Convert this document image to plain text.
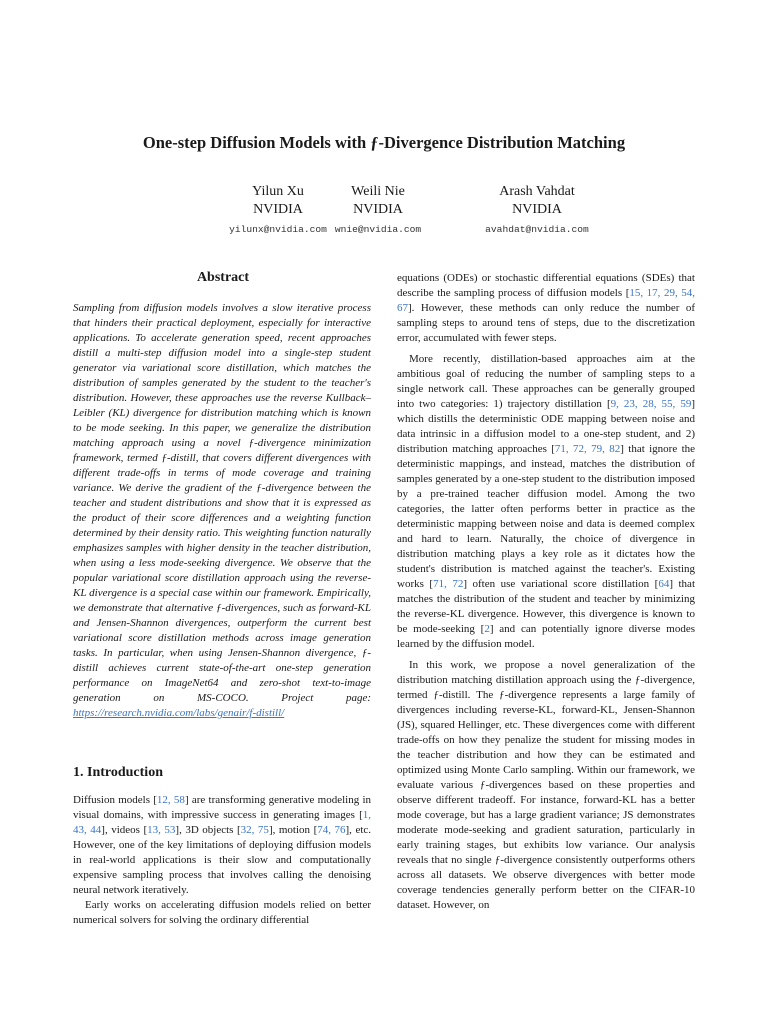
One-step Diffusion Models with ƒ-Divergence Distribution Matching
Yilun Xu
NVIDIA
yilunx@nvidia.com
Weili Nie
NVIDIA
wnie@nvidia.com
Arash Vahdat
NVIDIA
avahdat@nvidia.com
Abstract
Sampling from diffusion models involves a slow iterative process that hinders their practical deployment, especially for interactive applications. To accelerate generation speed, recent approaches distill a multi-step diffusion model into a single-step student generator via variational score distillation, which matches the distribution of samples generated by the student to the teacher's distribution. However, these approaches use the reverse Kullback–Leibler (KL) divergence for distribution matching which is known to be mode seeking. In this paper, we generalize the distribution matching approach using a novel ƒ-divergence minimization framework, termed ƒ-distill, that covers different divergences with different trade-offs in terms of mode coverage and training variance. We derive the gradient of the ƒ-divergence between the teacher and student distributions and show that it is expressed as the product of their score differences and a weighting function determined by their density ratio. This weighting function naturally emphasizes samples with higher density in the teacher distribution, when using a less mode-seeking divergence. We observe that the popular variational score distillation approach using the reverse-KL divergence is a special case within our framework. Empirically, we demonstrate that alternative ƒ-divergences, such as forward-KL and Jensen-Shannon divergences, outperform the current best variational score distillation methods across image generation tasks. In particular, when using Jensen-Shannon divergence, ƒ-distill achieves current state-of-the-art one-step generation performance on ImageNet64 and zero-shot text-to-image generation on MS-COCO. Project page: https://research.nvidia.com/labs/genair/f-distill/
1. Introduction

Diffusion models [12, 58] are transforming generative modeling in visual domains, with impressive success in generating images [1, 43, 44], videos [13, 53], 3D objects [32, 75], motion [74, 76], etc. However, one of the key limitations of deploying diffusion models in real-world applications is their slow and computationally expensive sampling process that involves calling the denoising neural network iteratively.

Early works on accelerating diffusion models relied on better numerical solvers for solving the ordinary differential

equations (ODEs) or stochastic differential equations (SDEs) that describe the sampling process of diffusion models [15, 17, 29, 54, 67]. However, these methods can only reduce the number of sampling steps to around tens of steps, due to the discretization error, accumulated with fewer steps.

More recently, distillation-based approaches aim at the ambitious goal of reducing the number of sampling steps to a single network call. These approaches can be generally grouped into two categories: 1) trajectory distillation [9, 23, 28, 55, 59] which distills the deterministic ODE mapping between noise and data intrinsic in a diffusion model to a one-step student, and 2) distribution matching approaches [71, 72, 79, 82] that ignore the deterministic mappings, and instead, matches the distribution of samples generated by a one-step student to the distribution imposed by a pre-trained teacher diffusion model. Among the two categories, the latter often performs better in practice as the deterministic mapping between noise and data is deemed complex and hard to learn. Naturally, the choice of divergence in distribution matching plays a key role as it dictates how the student's distribution is matched against the teacher's. Existing works [71, 72] often use variational score distillation [64] that matches the distribution of the student and teacher by minimizing the reverse-KL divergence. However, this divergence is known to be mode-seeking [2] and can potentially ignore diverse modes learned by the diffusion model.

In this work, we propose a novel generalization of the distribution matching distillation approach using the ƒ-divergence, termed ƒ-distill. The ƒ-divergence represents a large family of divergences including reverse-KL, forward-KL, Jensen-Shannon (JS), squared Hellinger, etc. These divergences come with different trade-offs on how they penalize the student for missing modes in the teacher distribution and how they can be estimated and optimized using Monte Carlo sampling. Within our framework, we evaluate various ƒ-divergences based on these properties and observe different tradeoff. For instance, forward-KL has a better mode coverage, but has a large gradient variance; JS demonstrates moderate mode-seeking and gradient saturation, particularly in early training stages, but exhibits low variance. Our analysis reveals that no single ƒ-divergence consistently outperforms others across all datasets. We observe divergences with better mode coverage tendencies generally perform better on the CIFAR-10 dataset. However, on
